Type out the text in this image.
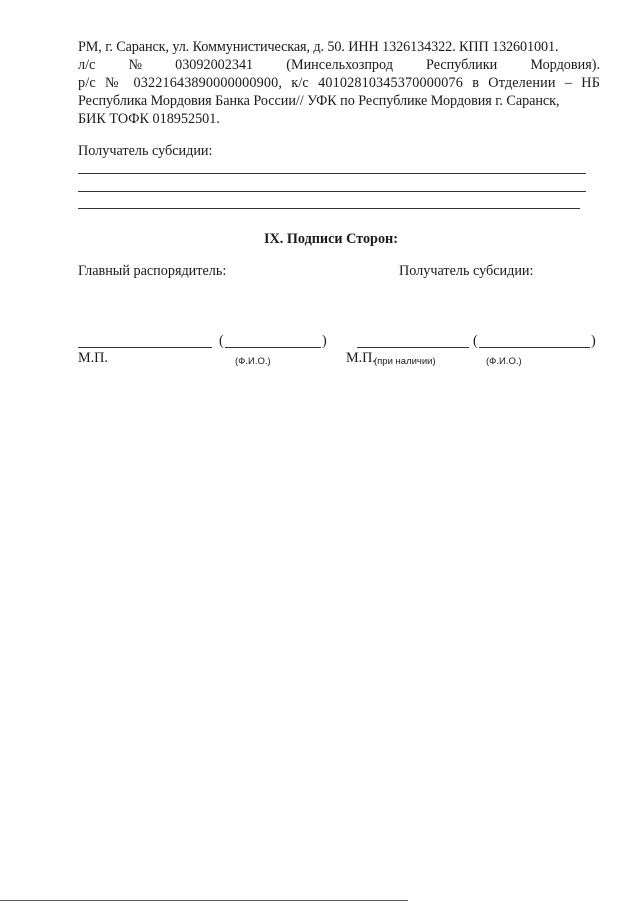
РМ, г. Саранск, ул. Коммунистическая, д. 50. ИНН 1326134322. КПП 132601001.
л/с № 03092002341 (Минсельхозпрод Республики Мордовия).
р/с № 03221643890000000900, к/с 40102810345370000076 в Отделении – НБ
Республика Мордовия Банка России// УФК по Республике Мордовия г. Саранск,
БИК ТОФК 018952501.
Получатель субсидии:
IX. Подписи Сторон:
Главный распорядитель:	Получатель субсидии:
(	)	(	)
М.П.	(Ф.И.О.)	М.П.
(при наличии)	(Ф.И.О.)
